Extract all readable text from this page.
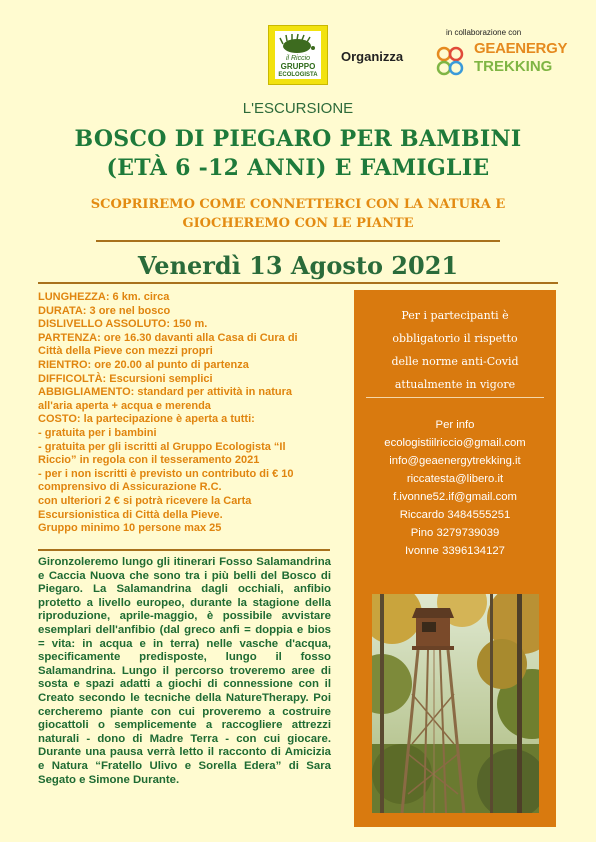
il Riccio
GRUPPO
ECOLOGISTA
Organizza
in collaborazione con
GEAENERGY
TREKKING
L'ESCURSIONE
BOSCO DI PIEGARO PER BAMBINI
(ETÀ 6 -12 ANNI) E FAMIGLIE
SCOPRIREMO COME CONNETTERCI CON LA NATURA E
GIOCHEREMO CON LE PIANTE
Venerdì 13 Agosto 2021
LUNGHEZZA: 6 km. circa
DURATA: 3 ore nel bosco
DISLIVELLO ASSOLUTO: 150 m.
PARTENZA: ore 16.30 davanti alla Casa di Cura di
Città della Pieve con mezzi propri
RIENTRO: ore 20.00 al punto di partenza
DIFFICOLTÀ: Escursioni semplici
ABBIGLIAMENTO: standard per attività in natura
all'aria aperta + acqua e merenda
COSTO: la partecipazione è aperta a tutti:
- gratuita per i bambini
- gratuita per gli iscritti al Gruppo Ecologista “Il
Riccio” in regola con il tesseramento 2021
- per i non iscritti è previsto un contributo di € 10
comprensivo di Assicurazione R.C.
con ulteriori 2 € si potrà ricevere la Carta
Escursionistica di Città della Pieve.
Gruppo minimo 10 persone max 25
Gironzoleremo lungo gli itinerari Fosso Salamandrina e Caccia Nuova che sono tra i più belli del Bosco di Piegaro. La Salamandrina dagli occhiali, anfibio protetto a livello europeo, durante la stagione della riproduzione, aprile-maggio, è possibile avvistare esemplari dell'anfibio (dal greco anfi = doppia e bios = vita: in acqua e in terra) nelle vasche d'acqua, specificamente predisposte, lungo il fosso Salamandrina. Lungo il percorso troveremo aree di sosta e spazi adatti a giochi di connessione con il Creato secondo le tecniche della NatureTherapy. Poi cercheremo piante con cui proveremo a costruire giocattoli o semplicemente a raccogliere attrezzi naturali - dono di Madre Terra - con cui giocare. Durante una pausa verrà letto il racconto di Amicizia e Natura “Fratello Ulivo e Sorella Edera” di Sara Segato e Simone Durante.
Per i partecipanti è
obbligatorio il rispetto
delle norme anti-Covid
attualmente in vigore
Per info
ecologistiilriccio@gmail.com
info@geaenergytrekking.it
riccatesta@libero.it
f.ivonne52.if@gmail.com
Riccardo 3484555251
Pino 3279739039
Ivonne 3396134127
